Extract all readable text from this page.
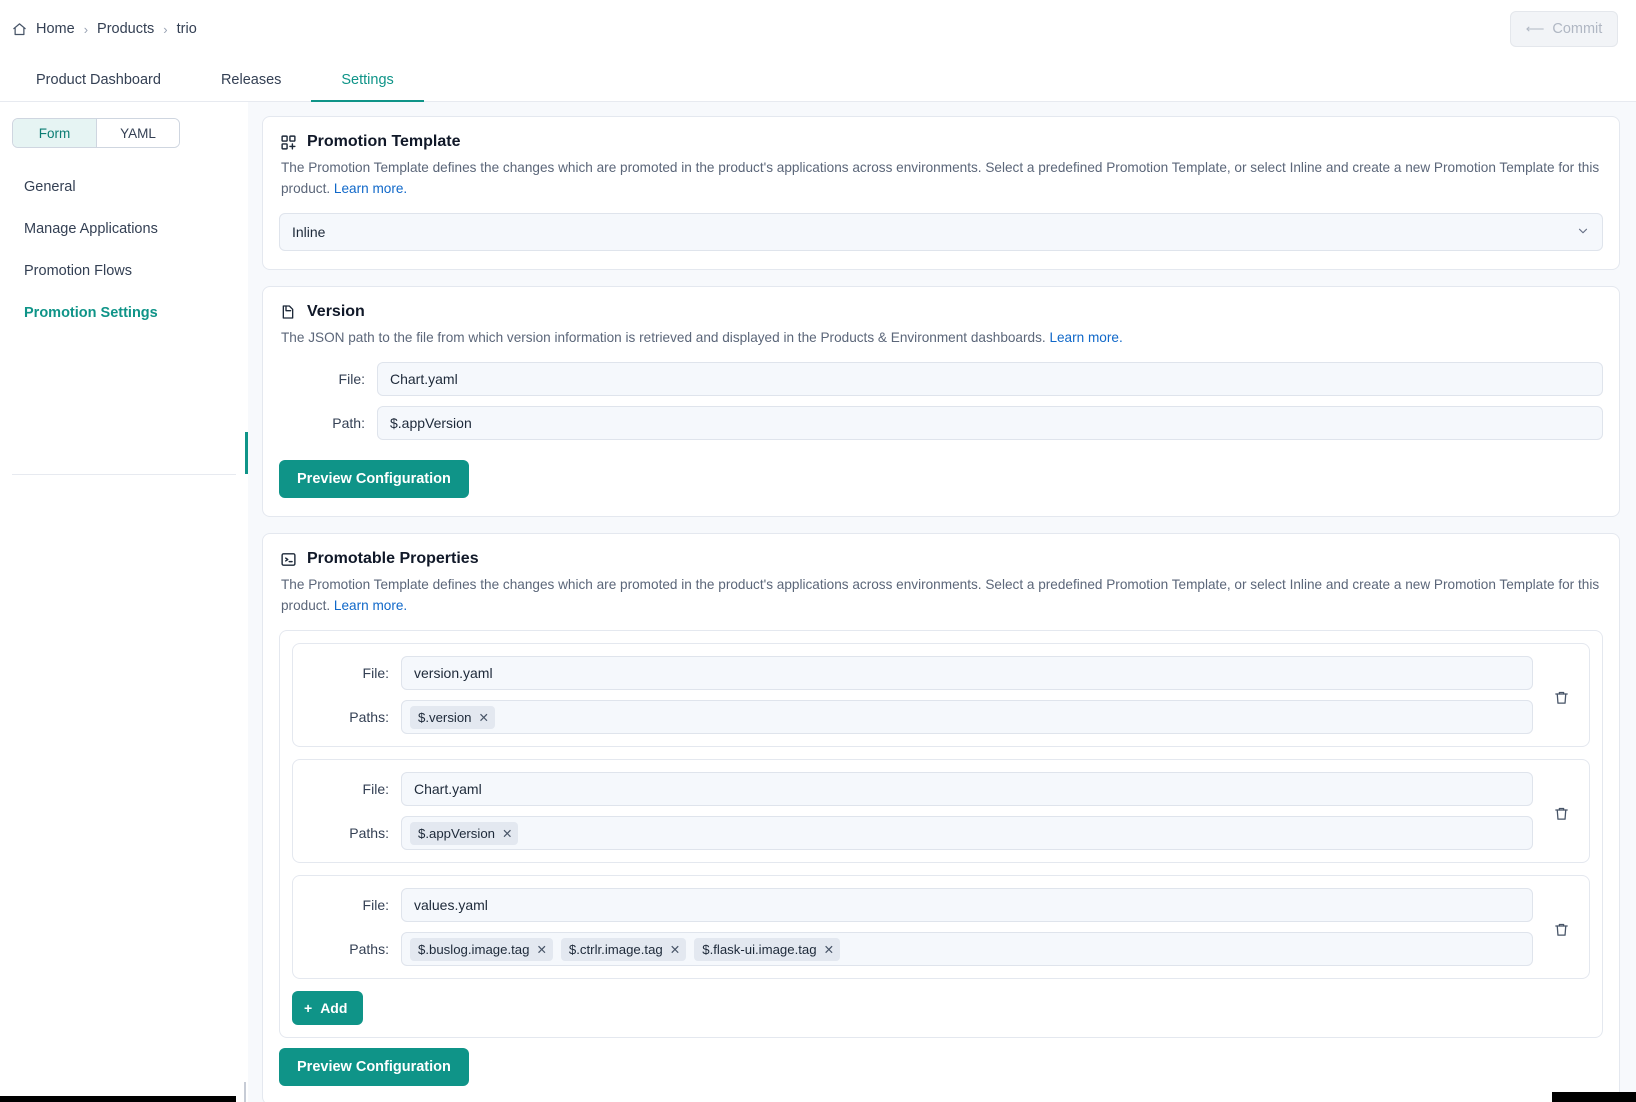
Home › Products › trio	⟵ Commit
Product Dashboard	Releases	Settings
Form	YAML
General
Manage Applications
Promotion Flows
Promotion Settings
Promotion Template

The Promotion Template defines the changes which are promoted in the product's applications across environments. Select a predefined Promotion Template, or select Inline and create a new Promotion Template for this product. Learn more.

Inline
Version

The JSON path to the file from which version information is retrieved and displayed in the Products & Environment dashboards. Learn more.

File:
Chart.yaml
Path:
$.appVersion
Preview Configuration
Promotable Properties

The Promotion Template defines the changes which are promoted in the product's applications across environments. Select a predefined Promotion Template, or select Inline and create a new Promotion Template for this product. Learn more.

File:
version.yaml
Paths:	$.version ✕
File:
Chart.yaml
Paths:	$.appVersion ✕
File:
values.yaml
Paths:	$.buslog.image.tag ✕ $.ctrlr.image.tag ✕ $.flask-ui.image.tag ✕
+ Add
Preview Configuration
